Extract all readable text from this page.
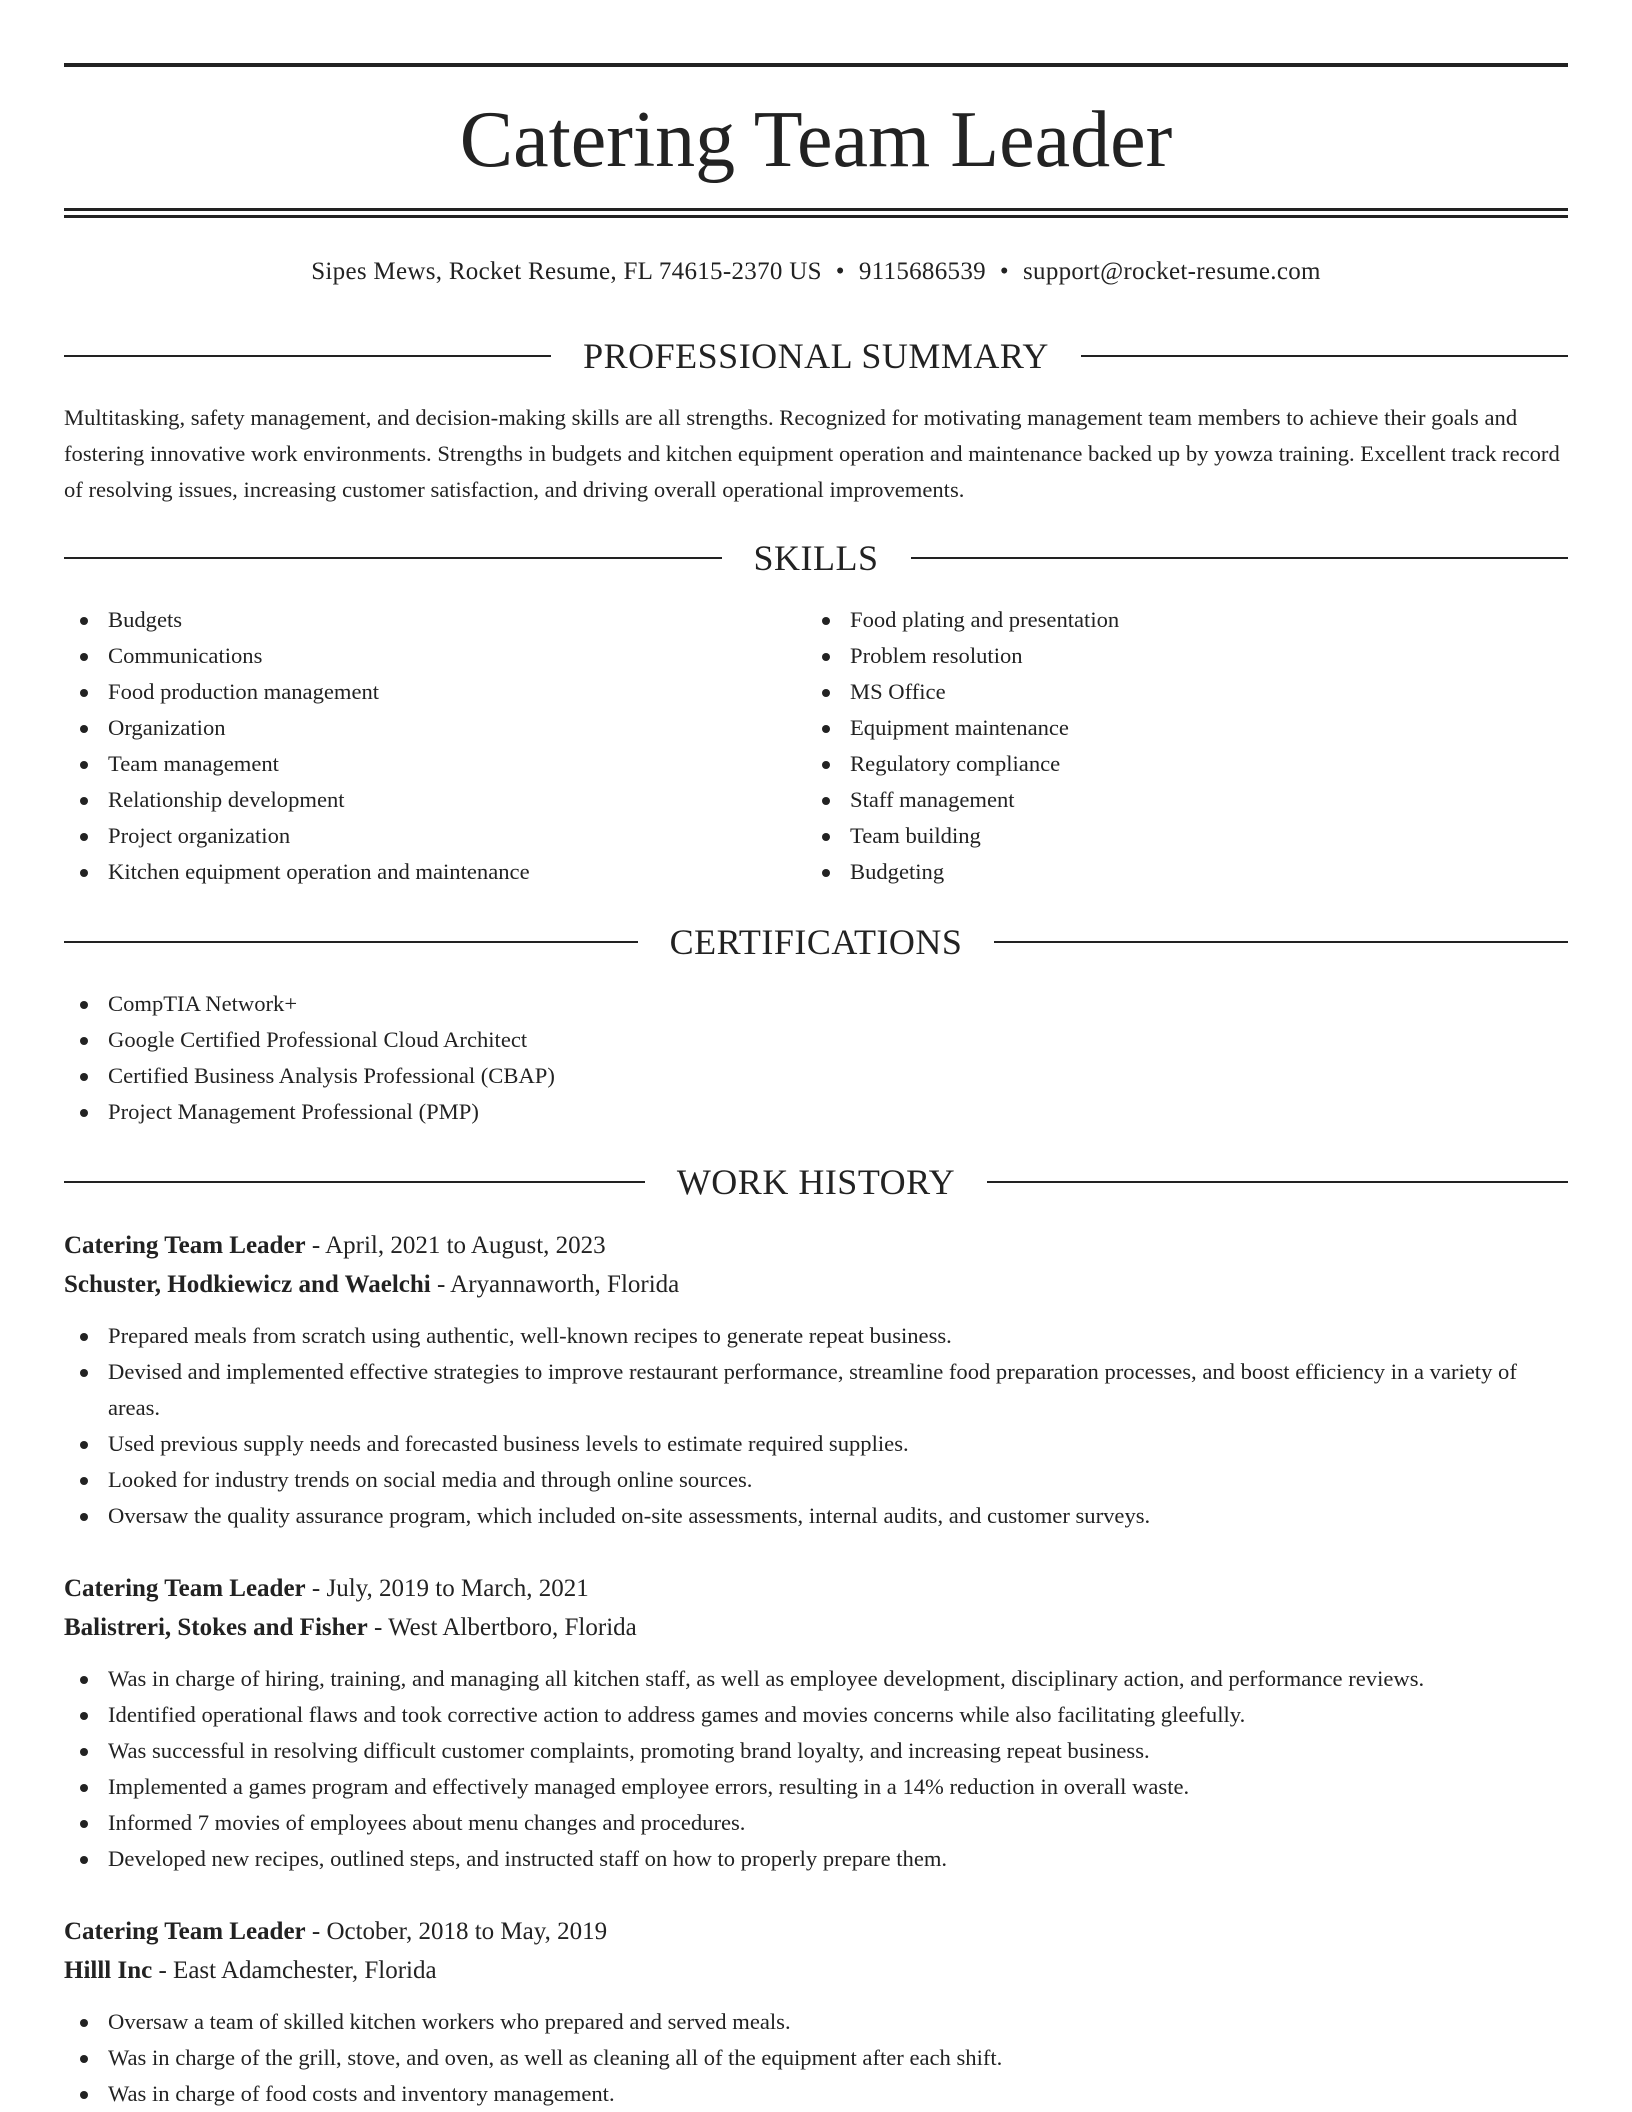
Catering Team Leader
Sipes Mews, Rocket Resume, FL 74615-2370 US • 9115686539 • support@rocket-resume.com
PROFESSIONAL SUMMARY

Multitasking, safety management, and decision-making skills are all strengths. Recognized for motivating management team members to achieve their goals and fostering innovative work environments. Strengths in budgets and kitchen equipment operation and maintenance backed up by yowza training. Excellent track record of resolving issues, increasing customer satisfaction, and driving overall operational improvements.

SKILLS
Budgets
Communications
Food production management
Organization
Team management
Relationship development
Project organization
Kitchen equipment operation and maintenance
Food plating and presentation
Problem resolution
MS Office
Equipment maintenance
Regulatory compliance
Staff management
Team building
Budgeting
CERTIFICATIONS
CompTIA Network+
Google Certified Professional Cloud Architect
Certified Business Analysis Professional (CBAP)
Project Management Professional (PMP)
WORK HISTORY
Catering Team Leader - April, 2021 to August, 2023
Schuster, Hodkiewicz and Waelchi - Aryannaworth, Florida
Prepared meals from scratch using authentic, well-known recipes to generate repeat business.
Devised and implemented effective strategies to improve restaurant performance, streamline food preparation processes, and boost efficiency in a variety of areas.
Used previous supply needs and forecasted business levels to estimate required supplies.
Looked for industry trends on social media and through online sources.
Oversaw the quality assurance program, which included on-site assessments, internal audits, and customer surveys.
Catering Team Leader - July, 2019 to March, 2021
Balistreri, Stokes and Fisher - West Albertboro, Florida
Was in charge of hiring, training, and managing all kitchen staff, as well as employee development, disciplinary action, and performance reviews.
Identified operational flaws and took corrective action to address games and movies concerns while also facilitating gleefully.
Was successful in resolving difficult customer complaints, promoting brand loyalty, and increasing repeat business.
Implemented a games program and effectively managed employee errors, resulting in a 14% reduction in overall waste.
Informed 7 movies of employees about menu changes and procedures.
Developed new recipes, outlined steps, and instructed staff on how to properly prepare them.
Catering Team Leader - October, 2018 to May, 2019
Hilll Inc - East Adamchester, Florida
Oversaw a team of skilled kitchen workers who prepared and served meals.
Was in charge of the grill, stove, and oven, as well as cleaning all of the equipment after each shift.
Was in charge of food costs and inventory management.
